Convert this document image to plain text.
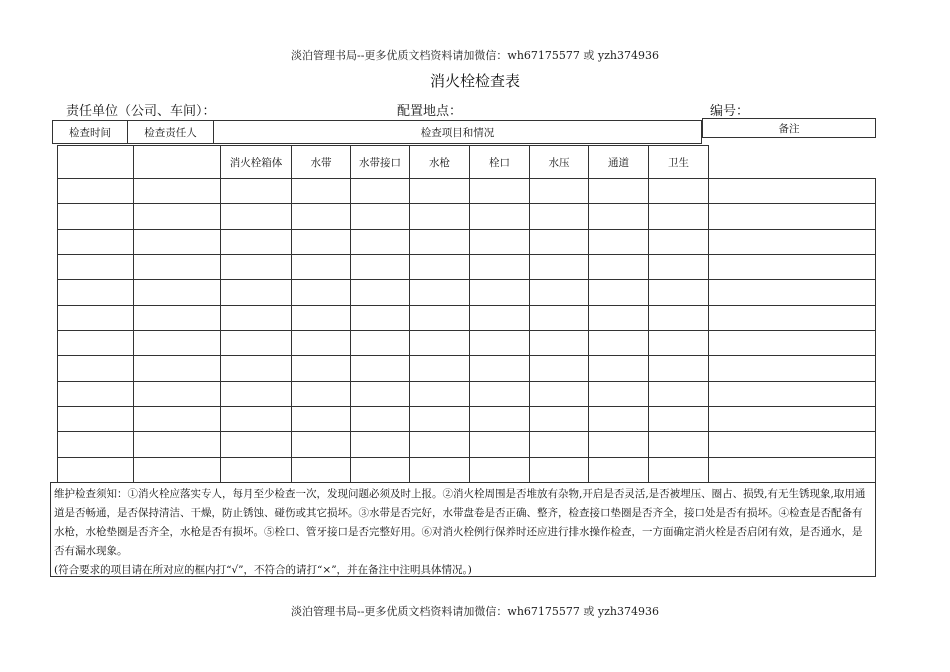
淡泊管理书局--更多优质文档资料请加微信：wh67175577 或 yzh374936
消火栓检查表
责任单位（公司、车间）：	配置地点：	编号：
检查时间	检查责任人	检查项目和情况	备注
		消火栓箱体	水带	水带接口	水枪	栓口	水压	通道	卫生	

维护检查须知：①消火栓应落实专人，每月至少检查一次，发现问题必须及时上报。②消火栓周围是否堆放有杂物,开启是否灵活,是否被埋压、圈占、损毁,有无生锈现象,取用通道是否畅通，是否保持清洁、干燥，防止锈蚀、碰伤或其它损坏。③水带是否完好，水带盘卷是否正确、整齐，检查接口垫圈是否齐全，接口处是否有损坏。④检查是否配备有水枪，水枪垫圈是否齐全，水枪是否有损坏。⑤栓口、管牙接口是否完整好用。⑥对消火栓例行保养时还应进行排水操作检查，一方面确定消火栓是否启闭有效，是否通水，是否有漏水现象。
(符合要求的项目请在所对应的框内打“√”，不符合的请打“×”，并在备注中注明具体情况。)
淡泊管理书局--更多优质文档资料请加微信：wh67175577 或 yzh374936
